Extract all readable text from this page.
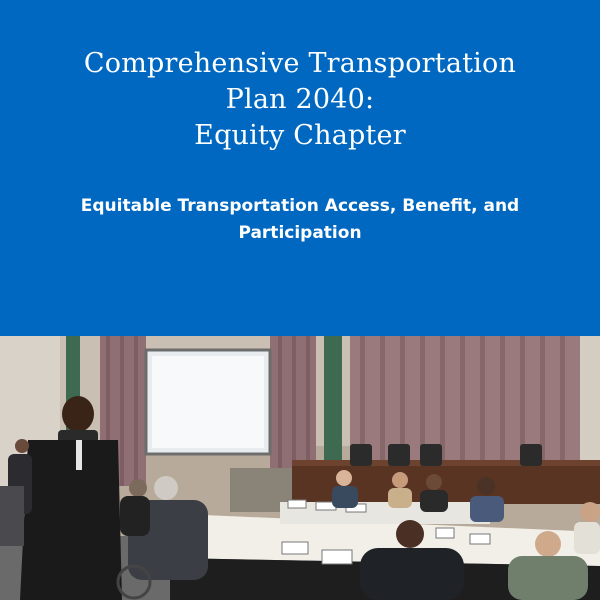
Comprehensive Transportation
Plan 2040:
Equity Chapter
Equitable Transportation Access, Benefit, and Participation
